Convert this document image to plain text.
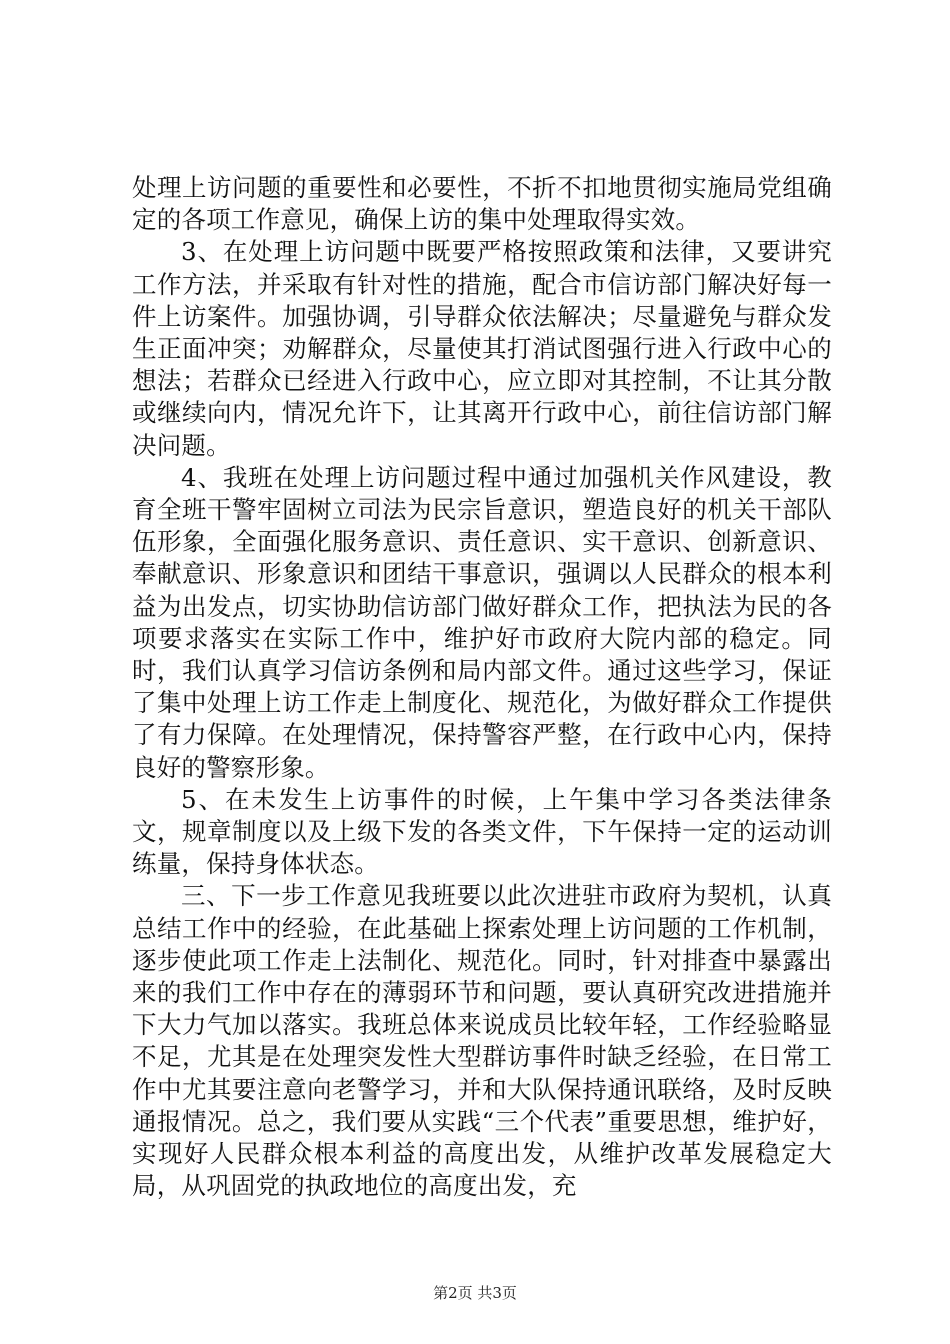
处理上访问题的重要性和必要性，不折不扣地贯彻实施局党组确定的各项工作意见，确保上访的集中处理取得实效。

3、在处理上访问题中既要严格按照政策和法律，又要讲究工作方法，并采取有针对性的措施，配合市信访部门解决好每一件上访案件。加强协调，引导群众依法解决；尽量避免与群众发生正面冲突；劝解群众，尽量使其打消试图强行进入行政中心的想法；若群众已经进入行政中心，应立即对其控制，不让其分散或继续向内，情况允许下，让其离开行政中心，前往信访部门解决问题。

4、我班在处理上访问题过程中通过加强机关作风建设，教育全班干警牢固树立司法为民宗旨意识，塑造良好的机关干部队伍形象，全面强化服务意识、责任意识、实干意识、创新意识、奉献意识、形象意识和团结干事意识，强调以人民群众的根本利益为出发点，切实协助信访部门做好群众工作，把执法为民的各项要求落实在实际工作中，维护好市政府大院内部的稳定。同时，我们认真学习信访条例和局内部文件。通过这些学习，保证了集中处理上访工作走上制度化、规范化，为做好群众工作提供了有力保障。在处理情况，保持警容严整，在行政中心内，保持良好的警察形象。

5、在未发生上访事件的时候，上午集中学习各类法律条文，规章制度以及上级下发的各类文件，下午保持一定的运动训练量，保持身体状态。

三、下一步工作意见我班要以此次进驻市政府为契机，认真总结工作中的经验，在此基础上探索处理上访问题的工作机制，逐步使此项工作走上法制化、规范化。同时，针对排查中暴露出来的我们工作中存在的薄弱环节和问题，要认真研究改进措施并下大力气加以落实。我班总体来说成员比较年轻，工作经验略显不足，尤其是在处理突发性大型群访事件时缺乏经验，在日常工作中尤其要注意向老警学习，并和大队保持通讯联络，及时反映通报情况。总之，我们要从实践“三个代表”重要思想，维护好，实现好人民群众根本利益的高度出发，从维护改革发展稳定大局，从巩固党的执政地位的高度出发，充

第2页 共3页
